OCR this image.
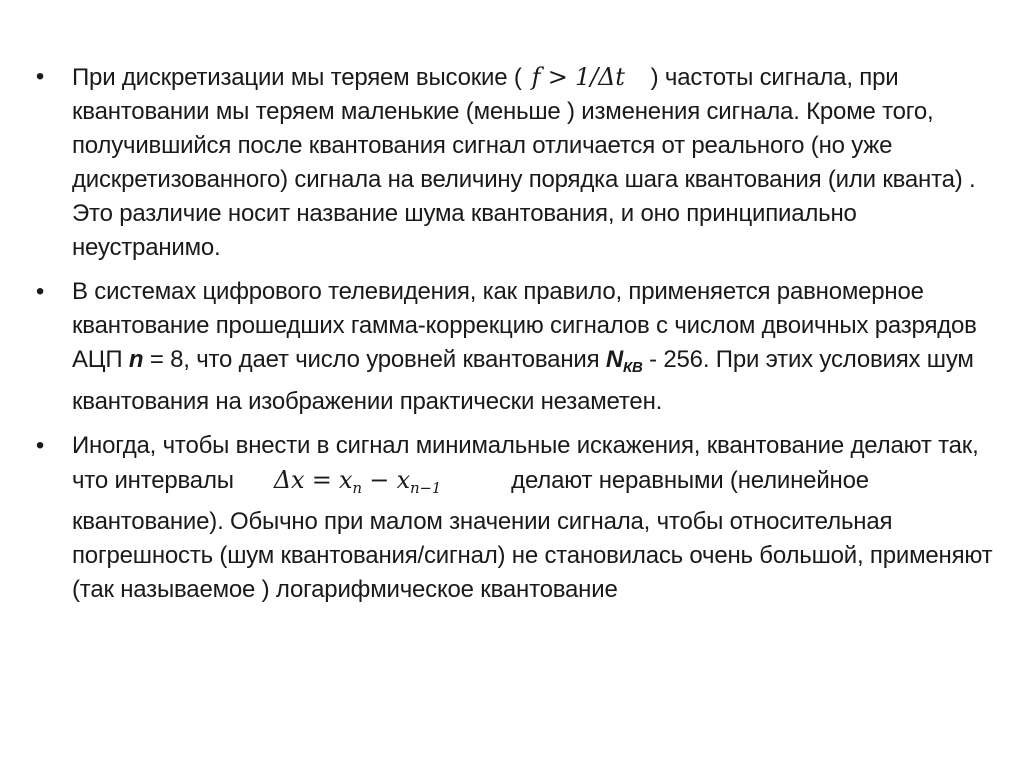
• При дискретизации мы теряем высокие ( f > 1/Δt ) частоты сигнала, при квантовании мы теряем маленькие (меньше ) изменения сигнала. Кроме того, получившийся после квантования сигнал отличается от реального (но уже дискретизованного) сигнала на величину порядка шага квантования (или кванта) . Это различие носит название шума квантования, и оно принципиально неустранимо.
• В системах цифрового телевидения, как правило, применяется равномерное квантование прошедших гамма-коррекцию сигналов с числом двоичных разрядов АЦП n = 8, что дает число уровней квантования $N_{КВ} - 256$. При этих условиях шум квантования на изображении практически незаметен.
• Иногда, чтобы внести в сигнал минимальные искажения, квантование делают так, что интервалы $\Delta x = x_n - x_{n-1}$	делают неравными (нелинейное квантование). Обычно при малом значении сигнала, чтобы относительная погрешность (шум квантования/сигнал) не становилась очень большой, применяют (так называемое ) логарифмическое квантование
